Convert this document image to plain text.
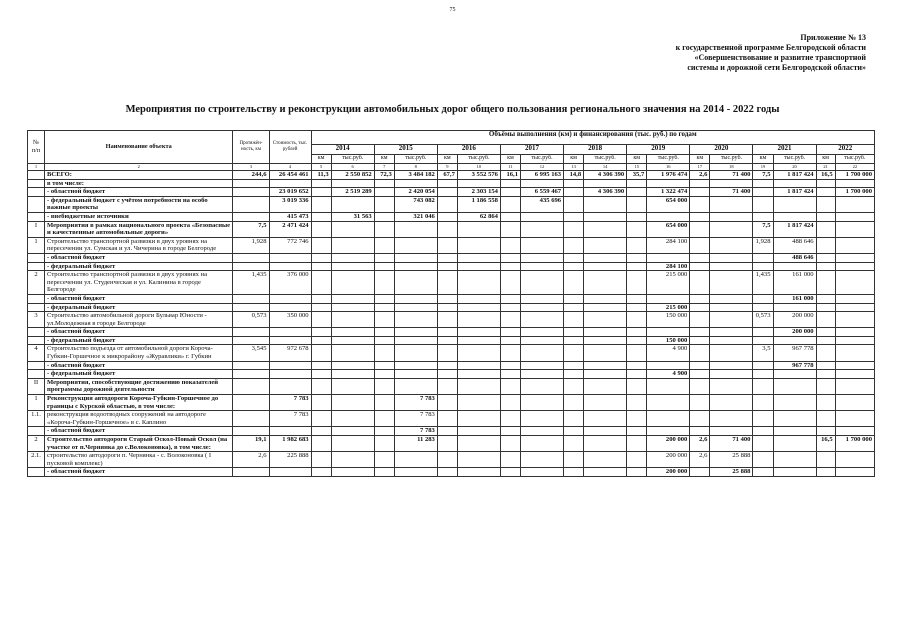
75
Приложение № 13
к государственной программе Белгородской области
«Совершенствование и развитие транспортной
системы и дорожной сети Белгородской области»
Мероприятия по строительству и реконструкции автомобильных дорог общего пользования регионального значения на 2014 - 2022 годы
№ п/п	Наименование объекта	Протяжён-ность, км	Стоимость, тыс. рублей	Объёмы выполнения (км) и финансирования (тыс. руб.) по годам																	
				2014		2015		2016		2017		2018		2019		2020		2021		2022	
				км	тыс.руб.	км	тыс.руб.	км	тыс.руб.	км	тыс.руб.	км	тыс.руб.	км	тыс.руб.	км	тыс.руб.	км	тыс.руб.	км	тыс.руб.
1	2	3	4	5	6	7	8	9	10	11	12	13	14	15	16	17	18	19	20	21	22
	ВСЕГО:	244,6	26 454 461	11,3	2 550 852	72,3	3 484 182	67,7	3 552 576	16,1	6 995 163	14,8	4 306 390	35,7	1 976 474	2,6	71 400	7,5	1 817 424	16,5	1 700 000
	в том числе:																				
	- областной бюджет		23 019 652		2 519 289		2 420 054		2 303 154		6 559 467		4 306 390		1 322 474		71 400		1 817 424		1 700 000
	- федеральный бюджет с учётом потребности на особо важные проекты		3 019 336				743 082		1 186 558		435 696				654 000						
	- внебюджетные источники		415 473		31 563		321 046		62 864												
I	Мероприятия в рамках национального проекта «Безопасные и качественные автомобильные дороги»	7,5	2 471 424												654 000			7,5	1 817 424		
1	Строительство транспортной развязки в двух уровнях на пересечении ул. Сумская и ул. Чичерина в городе Белгороде	1,928	772 746												284 100			1,928	488 646		
	- областной бюджет																		488 646		
	- федеральный бюджет														284 100						
2	Строительство транспортной развязки в двух уровнях на пересечении ул. Студенческая и ул. Калинина в городе Белгороде	1,435	376 000												215 000			1,435	161 000		
	- областной бюджет																		161 000		
	- федеральный бюджет														215 000						
3	Строительство автомобильной дороги Бульвар Юности - ул.Молодежная в городе Белгороде	0,573	350 000												150 000			0,573	200 000		
	- областной бюджет																		200 000		
	- федеральный бюджет														150 000						
4	Строительство подъезда от автомобильной дороги Короча-Губкин-Горшечное к микрорайону «Журавлики» г. Губкин	3,545	972 678												4 900			3,5	967 778		
	- областной бюджет																		967 778		
	- федеральный бюджет														4 900						
II	Мероприятия, способствующие достижению показателей программы дорожной деятельности																				
1	Реконструкция автодороги Короча-Губкин-Горшечное до границы с Курской областью, в том числе:		7 783				7 783														
1.1.	реконструкция водоотводных сооружений на автодороге «Короча-Губкин-Горшечное» в с. Каплино		7 783				7 783														
	- областной бюджет						7 783														
2	Строительство автодороги Старый Оскол-Новый Оскол (на участке от п.Чернянка до с.Волоконовка), в том числе:	19,1	1 982 683				11 283								200 000	2,6	71 400			16,5	1 700 000
2.1.	строительство автодороги п. Чернянка - с. Волоконовка ( I пусковой комплекс)	2,6	225 888												200 000	2,6	25 888				
	- областной бюджет														200 000		25 888				
